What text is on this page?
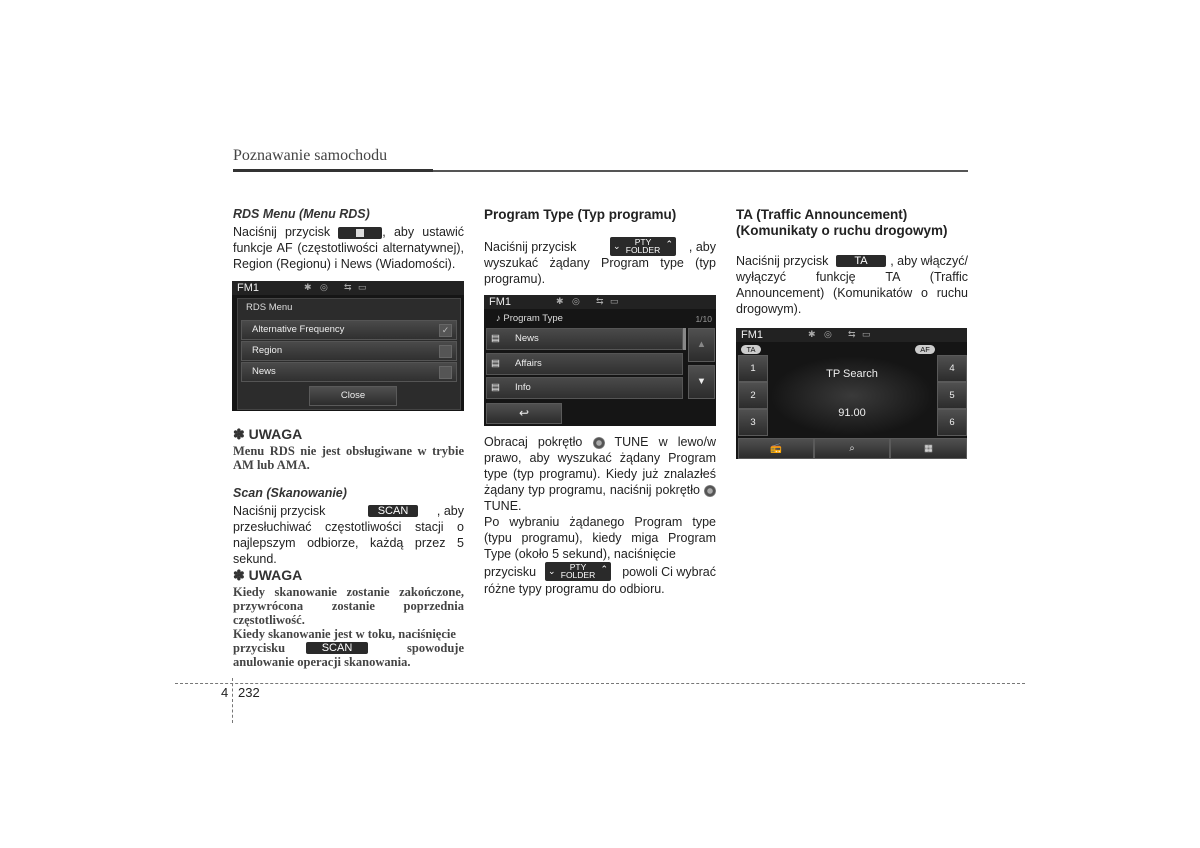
Poznawanie samochodu
RDS Menu (Menu RDS)
Naciśnij przycisk	, aby ustawić funkcje AF (częstotliwości alternatywnej), Region (Regionu) i News (Wiadomości).
FM1	✱ ◎ ⇆ ▭
RDS Menu
Alternative Frequency	✓
Region
News
Close
✽ UWAGA
Menu RDS nie jest obsługiwane w trybie AM lub AMA.
Scan (Skanowanie)
Naciśnij przycisk	SCAN	, aby
przesłuchiwać częstotliwości stacji o najlepszym odbiorze, każdą przez 5 sekund.
✽ UWAGA
Kiedy skanowanie zostanie zakończone, przywrócona zostanie poprzednia częstotliwość.
Kiedy skanowanie jest w toku, naciśnięcie
przycisku	SCAN	spowoduje
anulowanie operacji skanowania.
Program Type (Typ programu)
Naciśnij przycisk	PTY
FOLDER
⌄	⌃ , aby
wyszukać żądany Program type (typ programu).
FM1	✱ ◎ ⇆ ▭
♪ Program Type	1/10
▤ News
▤ Affairs
▤ Info
▲
▼
↩
Obracaj pokrętło	TUNE w lewo/w prawo, aby wyszukać żądany Program type (typ programu). Kiedy już znalazłeś żądany typ programu, naciśnij pokrętło  TUNE.
Po wybraniu żądanego Program type (typu programu), kiedy miga Program Type (około 5 sekund), naciśnięcie
przycisku	PTY
FOLDER
⌄	⌃ powoli Ci wybrać
różne typy programu do odbioru.
TA (Traffic Announcement)
(Komunikaty o ruchu drogowym)
Naciśnij przycisk	TA	, aby włączyć/
wyłączyć funkcję TA (Traffic Announcement) (Komunikatów o ruchu drogowym).
FM1	✱ ◎ ⇆ ▭
TA	AF
TP Search
91.00
1
2
3
4
5
6
📻	⌕	▦
4 232
